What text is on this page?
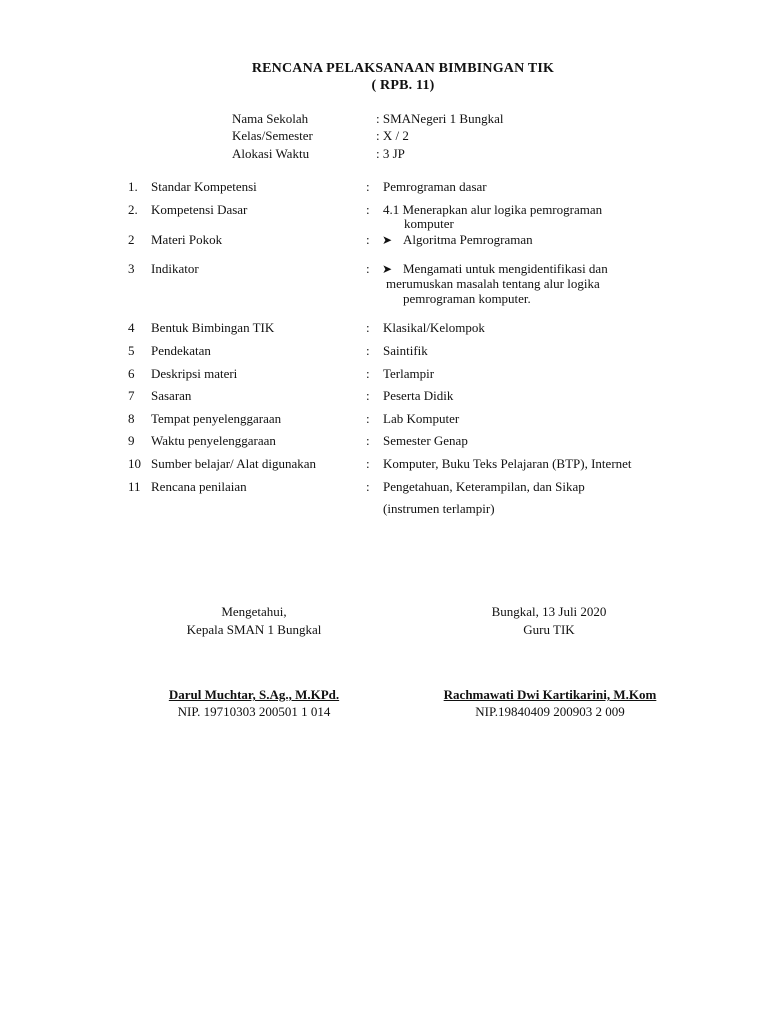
RENCANA PELAKSANAAN BIMBINGAN TIK
( RPB. 11)
Nama Sekolah	: SMANegeri 1 Bungkal
Kelas/Semester	: X / 2
Alokasi Waktu	: 3 JP
1. Standar Kompetensi	: Pemrograman dasar
2. Kompetensi Dasar	: 4.1 Menerapkan alur logika pemrograman
komputer
2 Materi Pokok	: ➤ Algoritma Pemrograman
3 Indikator	: ➤ Mengamati untuk mengidentifikasi dan
merumuskan masalah tentang alur logika
pemrograman komputer.
4 Bentuk Bimbingan TIK	: Klasikal/Kelompok
5 Pendekatan	: Saintifik
6 Deskripsi materi	: Terlampir
7 Sasaran	: Peserta Didik
8 Tempat penyelenggaraan	: Lab Komputer
9 Waktu penyelenggaraan	: Semester Genap
10 Sumber belajar/ Alat digunakan	: Komputer, Buku Teks Pelajaran (BTP), Internet
11 Rencana penilaian	: Pengetahuan, Keterampilan, dan Sikap
(instrumen terlampir)
Mengetahui,
Kepala SMAN 1 Bungkal
Darul Muchtar, S.Ag., M.KPd.
NIP. 19710303 200501 1 014
Bungkal, 13 Juli 2020
Guru TIK
Rachmawati Dwi Kartikarini, M.Kom
NIP.19840409 200903 2 009
